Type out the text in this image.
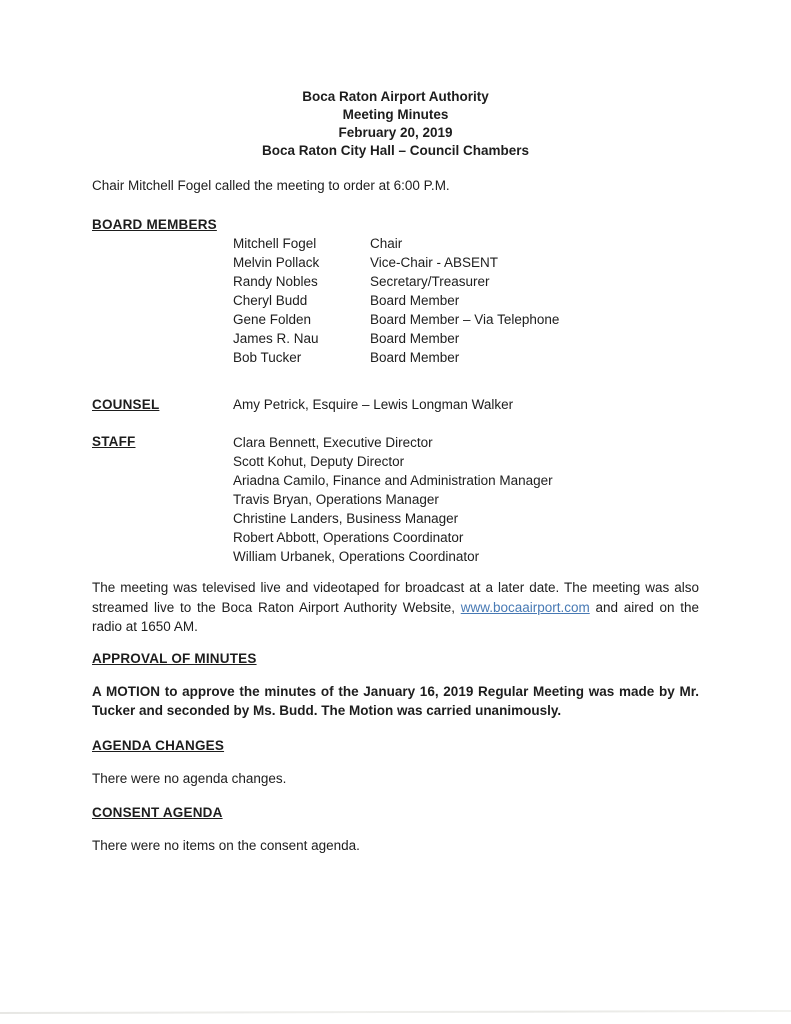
Boca Raton Airport Authority
Meeting Minutes
February 20, 2019
Boca Raton City Hall – Council Chambers
Chair Mitchell Fogel called the meeting to order at 6:00 P.M.
BOARD MEMBERS
Mitchell Fogel	Chair
Melvin Pollack	Vice-Chair - ABSENT
Randy Nobles	Secretary/Treasurer
Cheryl Budd	Board Member
Gene Folden	Board Member – Via Telephone
James R. Nau	Board Member
Bob Tucker	Board Member
COUNSEL	Amy Petrick, Esquire – Lewis Longman Walker
STAFF	Clara Bennett, Executive Director
Scott Kohut, Deputy Director
Ariadna Camilo, Finance and Administration Manager
Travis Bryan, Operations Manager
Christine Landers, Business Manager
Robert Abbott, Operations Coordinator
William Urbanek, Operations Coordinator
The meeting was televised live and videotaped for broadcast at a later date. The meeting was also streamed live to the Boca Raton Airport Authority Website, www.bocaairport.com and aired on the radio at 1650 AM.
APPROVAL OF MINUTES
A MOTION to approve the minutes of the January 16, 2019 Regular Meeting was made by Mr. Tucker and seconded by Ms. Budd. The Motion was carried unanimously.
AGENDA CHANGES
There were no agenda changes.
CONSENT AGENDA
There were no items on the consent agenda.
